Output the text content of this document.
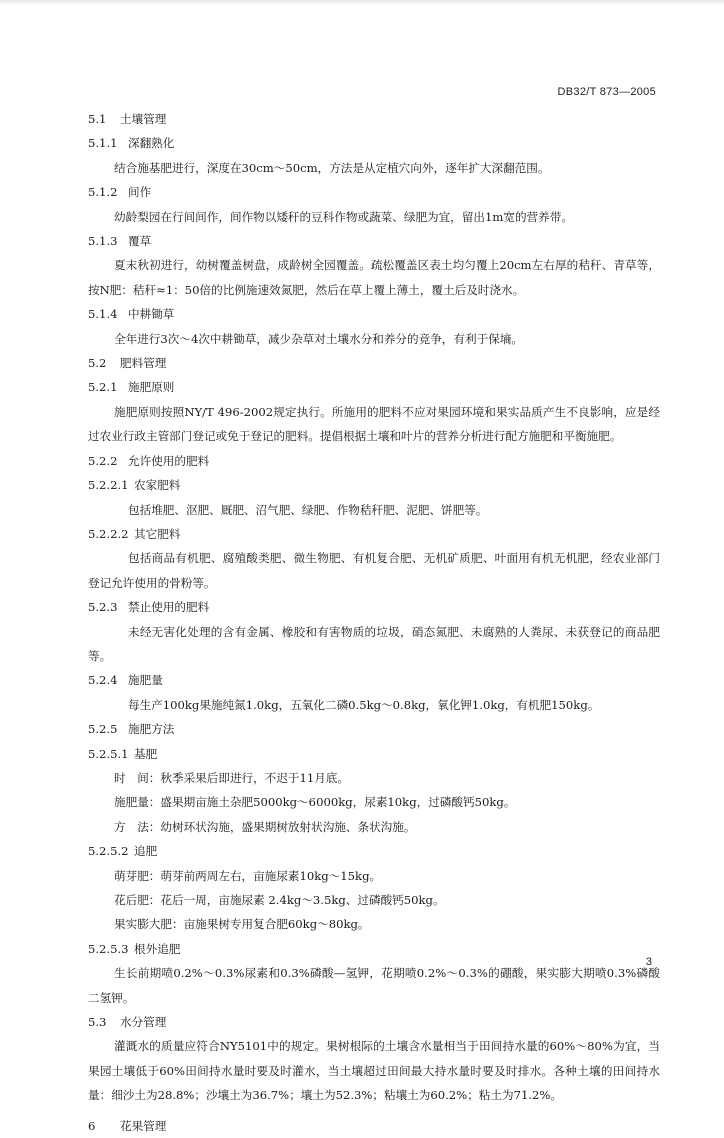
DB32/T 873—2005
5.1 土壤管理
5.1.1 深翻熟化
结合施基肥进行，深度在30cm～50cm，方法是从定植穴向外，逐年扩大深翻范围。
5.1.2 间作
幼龄梨园在行间间作，间作物以矮秆的豆科作物或蔬菜、绿肥为宜，留出1m宽的营养带。
5.1.3 覆草
夏末秋初进行，幼树覆盖树盘，成龄树全园覆盖。疏松覆盖区表土均匀覆上20cm左右厚的秸秆、青草等，按N肥：秸秆≈1：50倍的比例施速效氮肥，然后在草上覆上薄土，覆土后及时浇水。
5.1.4 中耕锄草
全年进行3次～4次中耕锄草，减少杂草对土壤水分和养分的竞争，有利于保墒。
5.2 肥料管理
5.2.1 施肥原则
施肥原则按照NY/T 496-2002规定执行。所施用的肥料不应对果园环境和果实品质产生不良影响，应是经过农业行政主管部门登记或免于登记的肥料。提倡根据土壤和叶片的营养分析进行配方施肥和平衡施肥。
5.2.2 允许使用的肥料
5.2.2.1 农家肥料
包括堆肥、沤肥、厩肥、沼气肥、绿肥、作物秸秆肥、泥肥、饼肥等。
5.2.2.2 其它肥料
包括商品有机肥、腐殖酸类肥、微生物肥、有机复合肥、无机矿质肥、叶面用有机无机肥，经农业部门登记允许使用的骨粉等。
5.2.3 禁止使用的肥料
未经无害化处理的含有金属、橡胶和有害物质的垃圾，硝态氮肥、未腐熟的人粪尿、未获登记的商品肥等。
5.2.4 施肥量
每生产100kg果施纯氮1.0kg，五氧化二磷0.5kg～0.8kg，氧化钾1.0kg，有机肥150kg。
5.2.5 施肥方法
5.2.5.1 基肥
时　间：秋季采果后即进行，不迟于11月底。
施肥量：盛果期亩施土杂肥5000kg～6000kg，尿素10kg，过磷酸钙50kg。
方　法：幼树环状沟施，盛果期树放射状沟施、条状沟施。
5.2.5.2 追肥
萌芽肥：萌芽前两周左右，亩施尿素10kg～15kg。
花后肥：花后一周，亩施尿素 2.4kg～3.5kg、过磷酸钙50kg。
果实膨大肥：亩施果树专用复合肥60kg～80kg。
5.2.5.3 根外追肥
生长前期喷0.2%～0.3%尿素和0.3%磷酸—氢钾，花期喷0.2%～0.3%的硼酸，果实膨大期喷0.3%磷酸二氢钾。
5.3 水分管理
灌溉水的质量应符合NY5101中的规定。果树根际的土壤含水量相当于田间持水量的60%～80%为宜，当果园土壤低于60%田间持水量时要及时灌水，当土壤超过田间最大持水量时要及时排水。各种土壤的田间持水量：细沙土为28.8%；沙壤土为36.7%；壤土为52.3%；粘壤土为60.2%；粘土为71.2%。
6 花果管理
3
